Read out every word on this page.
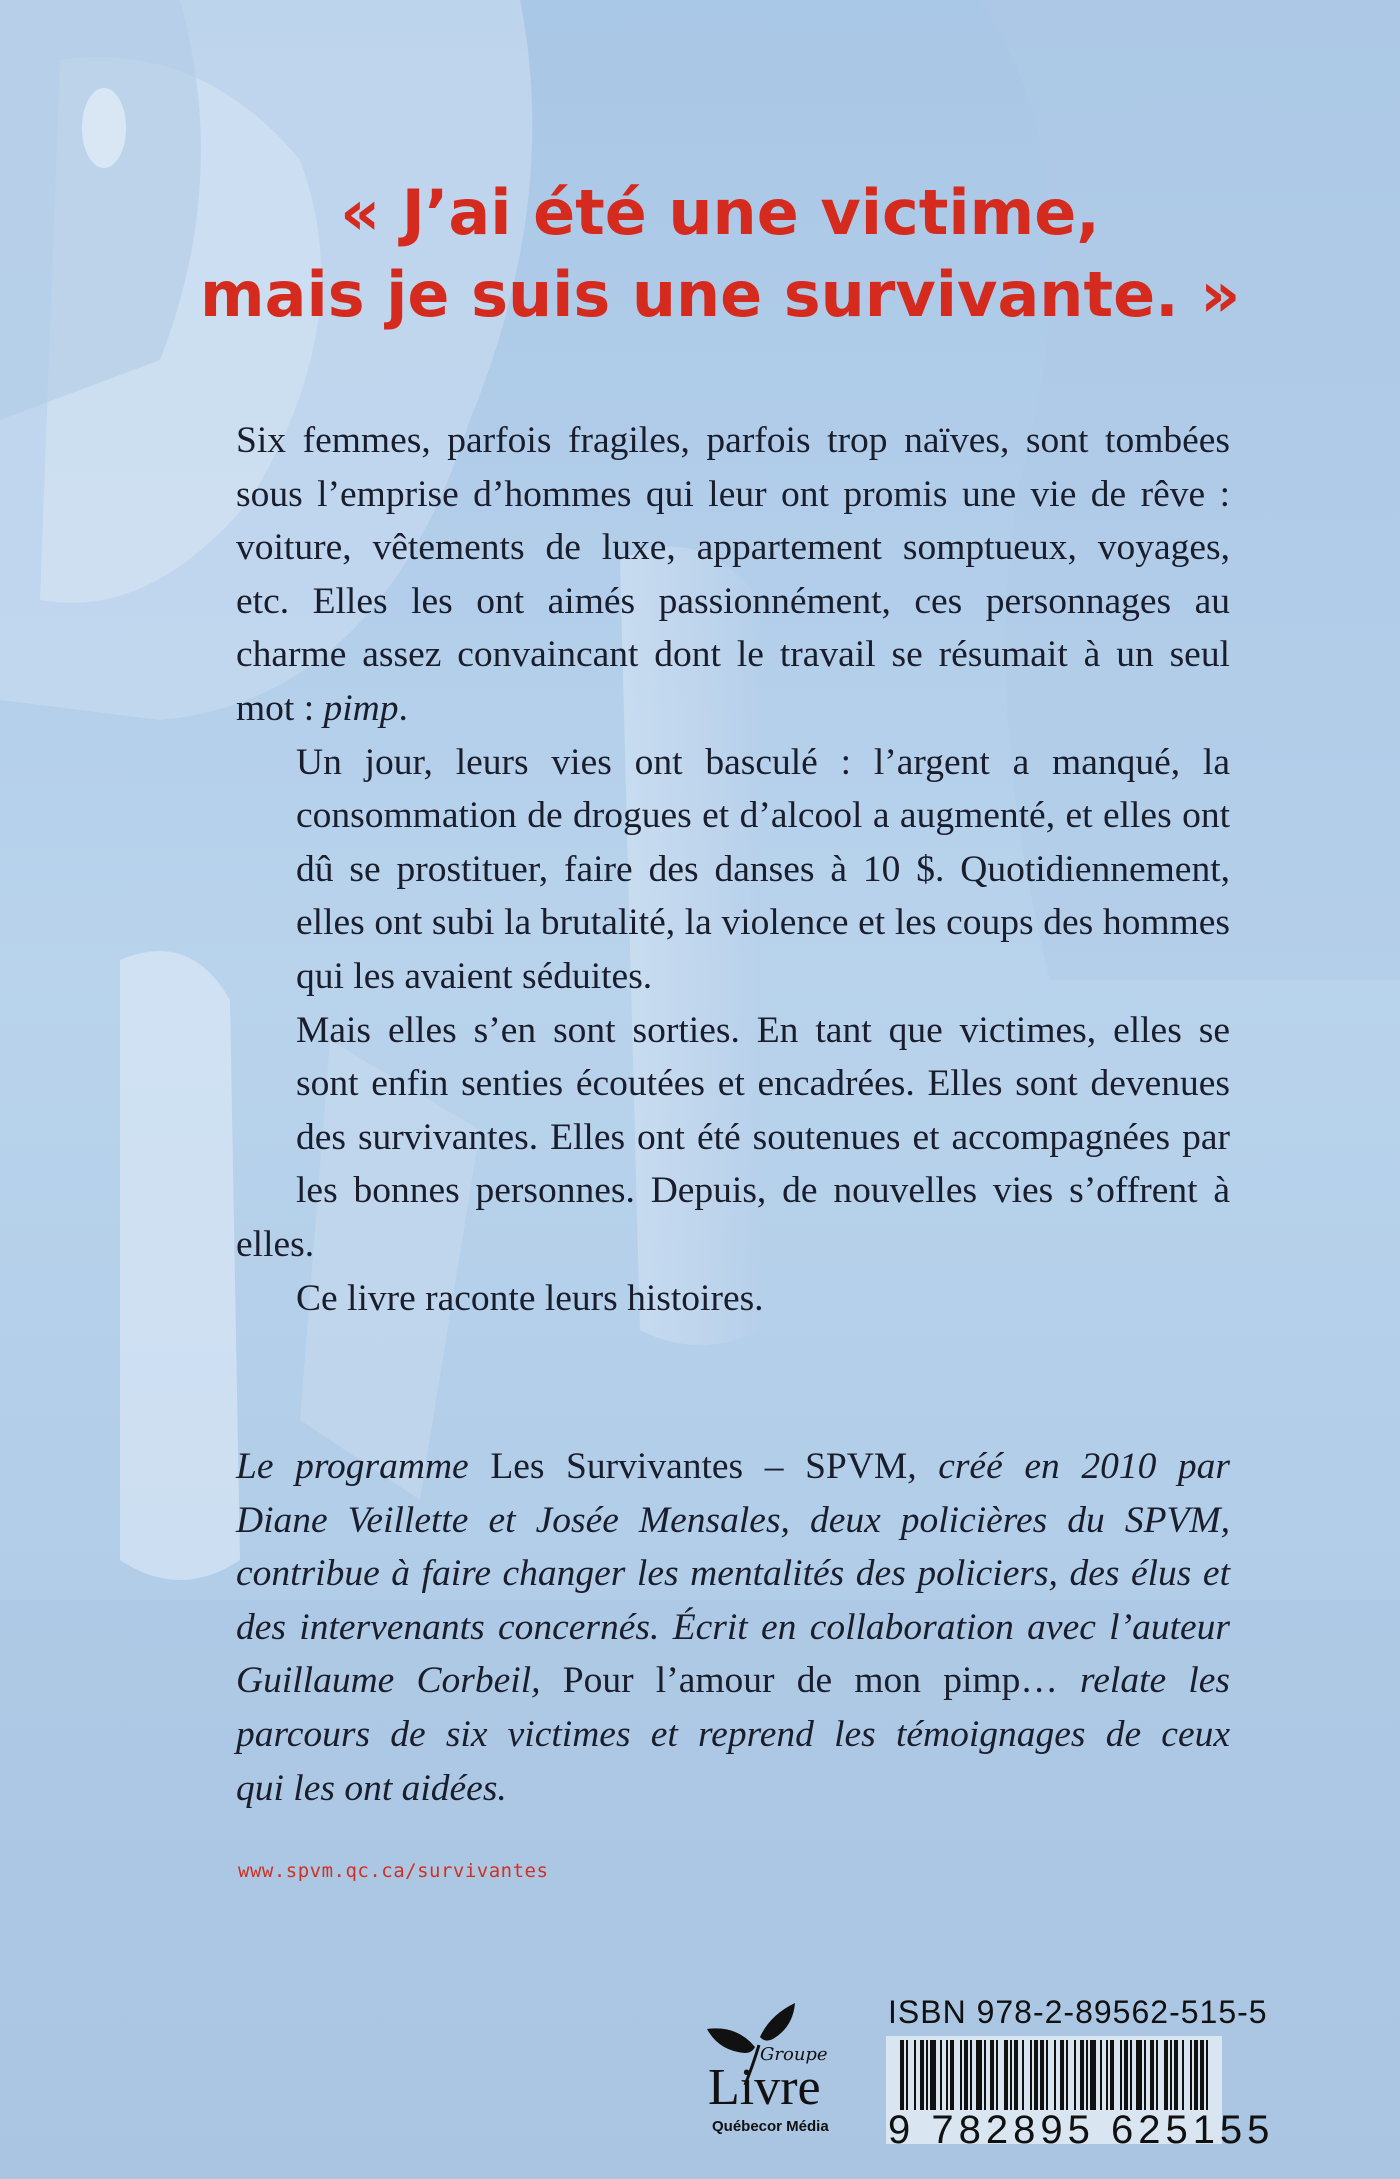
« J’ai été une victime,
mais je suis une survivante. »

Six femmes, parfois fragiles, parfois trop naïves, sont tombées
sous l’emprise d’hommes qui leur ont promis une vie de rêve :
voiture, vêtements de luxe, appartement somptueux, voyages,
etc. Elles les ont aimés passionnément, ces personnages au
charme assez convaincant dont le travail se résumait à un seul
mot : pimp.

Un jour, leurs vies ont basculé : l’argent a manqué, la
consommation de drogues et d’alcool a augmenté, et elles ont
dû se prostituer, faire des danses à 10 $. Quotidiennement,
elles ont subi la brutalité, la violence et les coups des hommes
qui les avaient séduites.

Mais elles s’en sont sorties. En tant que victimes, elles se
sont enfin senties écoutées et encadrées. Elles sont devenues
des survivantes. Elles ont été soutenues et accompagnées par
les bonnes personnes. Depuis, de nouvelles vies s’offrent à elles.

Ce livre raconte leurs histoires.

Le programme Les Survivantes – SPVM, créé en 2010 par
Diane Veillette et Josée Mensales, deux policières du SPVM,
contribue à faire changer les mentalités des policiers, des élus et
des intervenants concernés. Écrit en collaboration avec l’auteur
Guillaume Corbeil, Pour l’amour de mon pimp… relate les
parcours de six victimes et reprend les témoignages de ceux
qui les ont aidées.
www.spvm.qc.ca/survivantes
Groupe
Livre
Québecor Média
ISBN 978-2-89562-515-5
9 782895 625155
